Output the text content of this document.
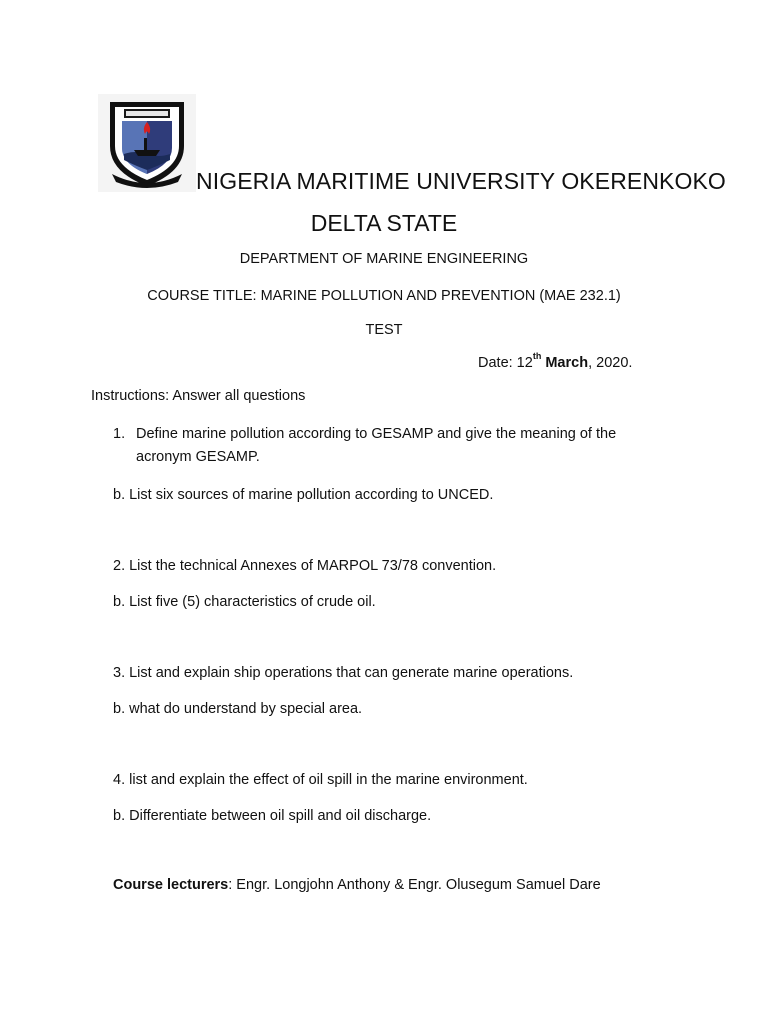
NIGERIA MARITIME UNIVERSITY OKERENKOKO
DELTA STATE
DEPARTMENT OF MARINE ENGINEERING
COURSE TITLE: MARINE POLLUTION AND PREVENTION (MAE 232.1)
TEST
Date: 12th March, 2020.
Instructions: Answer all questions
1. Define marine pollution according to GESAMP and give the meaning of the
acronym GESAMP.
b. List six sources of marine pollution according to UNCED.
2. List the technical Annexes of MARPOL 73/78 convention.
b. List five (5) characteristics of crude oil.
3. List and explain ship operations that can generate marine operations.
b. what do understand by special area.
4. list and explain the effect of oil spill in the marine environment.
b. Differentiate between oil spill and oil discharge.
Course lecturers: Engr. Longjohn Anthony & Engr. Olusegum Samuel Dare
